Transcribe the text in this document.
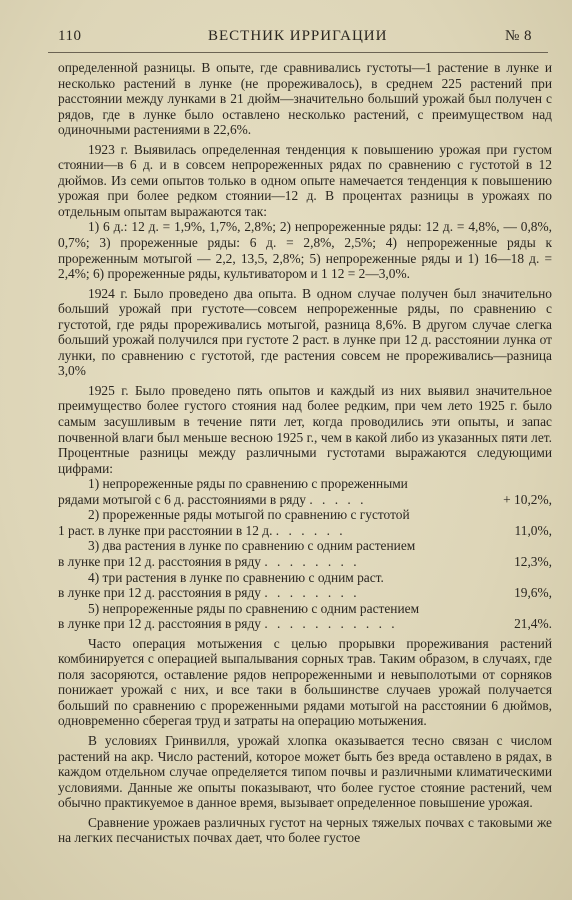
110	ВЕСТНИК ИРРИГАЦИИ	№ 8

определенной разницы. В опыте, где сравнивались густоты—1 растение в лунке и несколько растений в лунке (не прореживалось), в среднем 225 растений при расстоянии между лунками в 21 дюйм—значительно больший урожай был получен с рядов, где в лунке было оставлено несколько растений, с преимуществом над одиночными растениями в 22,6%.

1923 г. Выявилась определенная тенденция к повышению урожая при густом стоянии—в 6 д. и в совсем непрореженных рядах по сравнению с густотой в 12 дюймов. Из семи опытов только в одном опыте намечается тенденция к повышению урожая при более редком стоянии—12 д. В процентах разницы в урожаях по отдельным опытам выражаются так:

1) 6 д.: 12 д. = 1,9%, 1,7%, 2,8%; 2) непрореженные ряды: 12 д. = 4,8%, — 0,8%, 0,7%; 3) прореженные ряды: 6 д. = 2,8%, 2,5%; 4) непрореженные ряды к прореженным мотыгой — 2,2, 13,5, 2,8%; 5) непрореженные ряды и 1) 16—18 д. = 2,4%; 6) прореженные ряды, культиватором и 1 12 = 2—3,0%.

1924 г. Было проведено два опыта. В одном случае получен был значительно больший урожай при густоте—совсем непрореженные ряды, по сравнению с густотой, где ряды прореживались мотыгой, разница 8,6%. В другом случае слегка больший урожай получился при густоте 2 раст. в лунке при 12 д. расстоянии лунка от лунки, по сравнению с густотой, где растения совсем не прореживались—разница 3,0%

1925 г. Было проведено пять опытов и каждый из них выявил значительное преимущество более густого стояния над более редким, при чем лето 1925 г. было самым засушливым в течение пяти лет, когда проводились эти опыты, и запас почвенной влаги был меньше весною 1925 г., чем в какой либо из указанных пяти лет. Процентные разницы между различными густотами выражаются следующими цифрами:

1) непрореженные ряды по сравнению с прореженными
рядами мотыгой с 6 д. расстояниями в ряду . . . . .	+ 10,2%,
2) прореженные ряды мотыгой по сравнению с густотой
1 раст. в лунке при расстоянии в 12 д. . . . . . .	11,0%,
3) два растения в лунке по сравнению с одним растением
в лунке при 12 д. расстояния в ряду . . . . . . . .	12,3%,
4) три растения в лунке по сравнению с одним раст.
в лунке при 12 д. расстояния в ряду . . . . . . . .	19,6%,
5) непрореженные ряды по сравнению с одним растением
в лунке при 12 д. расстояния в ряду . . . . . . . . . . .	21,4%.

Часто операция мотыжения с целью прорывки прореживания растений комбинируется с операцией выпалывания сорных трав. Таким образом, в случаях, где поля засоряются, оставление рядов непрореженными и невыполотыми от сорняков понижает урожай с них, и все таки в большинстве случаев урожай получается больший по сравнению с прореженными рядами мотыгой на расстоянии 6 дюймов, одновременно сберегая труд и затраты на операцию мотыжения.

В условиях Гринвилля, урожай хлопка оказывается тесно связан с числом растений на акр. Число растений, которое может быть без вреда оставлено в рядах, в каждом отдельном случае определяется типом почвы и различными климатическими условиями. Данные же опыты показывают, что более густое стояние растений, чем обычно практикуемое в данное время, вызывает определенное повышение урожая.

Сравнение урожаев различных густот на черных тяжелых почвах с таковыми же на легких песчанистых почвах дает, что более густое
